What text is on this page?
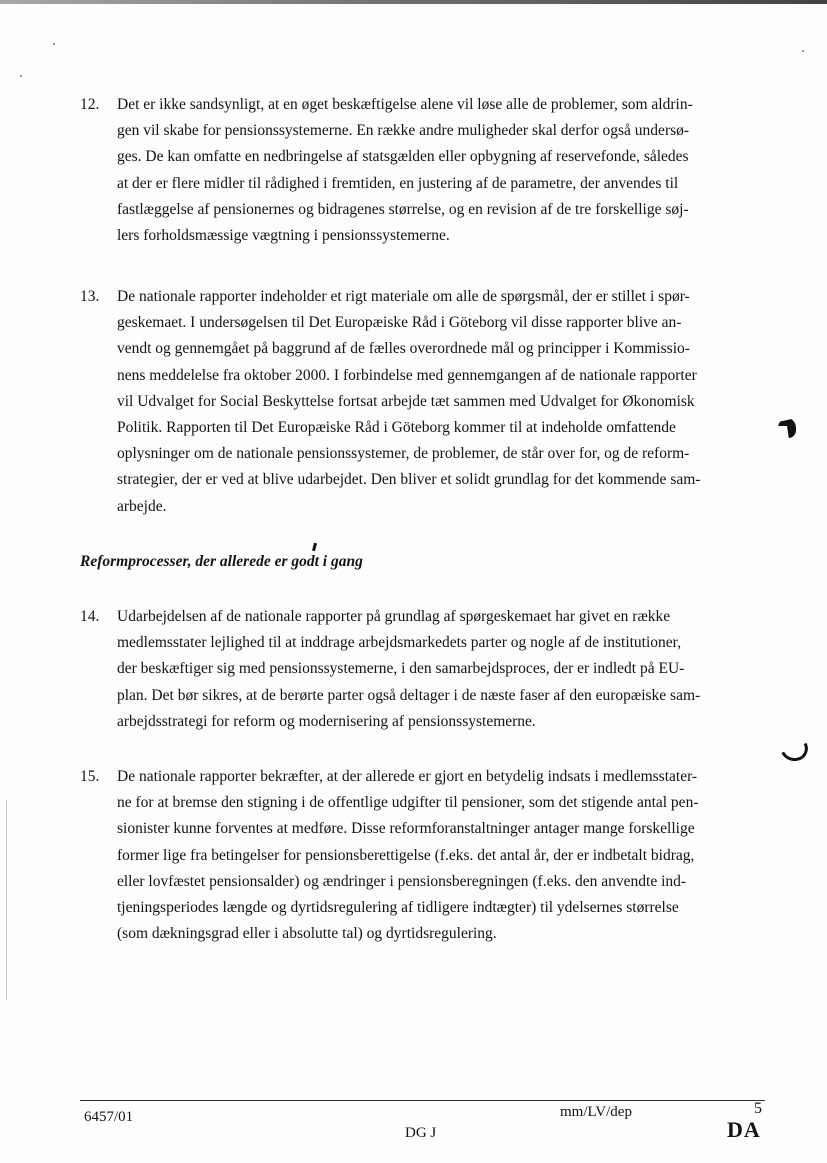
12. Det er ikke sandsynligt, at en øget beskæftigelse alene vil løse alle de problemer, som aldrin-
gen vil skabe for pensionssystemerne. En række andre muligheder skal derfor også undersø-
ges. De kan omfatte en nedbringelse af statsgælden eller opbygning af reservefonde, således
at der er flere midler til rådighed i fremtiden, en justering af de parametre, der anvendes til
fastlæggelse af pensionernes og bidragenes størrelse, og en revision af de tre forskellige søj-
lers forholdsmæssige vægtning i pensionssystemerne.
13. De nationale rapporter indeholder et rigt materiale om alle de spørgsmål, der er stillet i spør-
geskemaet. I undersøgelsen til Det Europæiske Råd i Göteborg vil disse rapporter blive an-
vendt og gennemgået på baggrund af de fælles overordnede mål og principper i Kommissio-
nens meddelelse fra oktober 2000. I forbindelse med gennemgangen af de nationale rapporter
vil Udvalget for Social Beskyttelse fortsat arbejde tæt sammen med Udvalget for Økonomisk
Politik. Rapporten til Det Europæiske Råd i Göteborg kommer til at indeholde omfattende
oplysninger om de nationale pensionssystemer, de problemer, de står over for, og de reform-
strategier, der er ved at blive udarbejdet. Den bliver et solidt grundlag for det kommende sam-
arbejde.
Reformprocesser, der allerede er godt i gang
14. Udarbejdelsen af de nationale rapporter på grundlag af spørgeskemaet har givet en række
medlemsstater lejlighed til at inddrage arbejdsmarkedets parter og nogle af de institutioner,
der beskæftiger sig med pensionssystemerne, i den samarbejdsproces, der er indledt på EU-
plan. Det bør sikres, at de berørte parter også deltager i de næste faser af den europæiske sam-
arbejdsstrategi for reform og modernisering af pensionssystemerne.
15. De nationale rapporter bekræfter, at der allerede er gjort en betydelig indsats i medlemsstater-
ne for at bremse den stigning i de offentlige udgifter til pensioner, som det stigende antal pen-
sionister kunne forventes at medføre. Disse reformforanstaltninger antager mange forskellige
former lige fra betingelser for pensionsberettigelse (f.eks. det antal år, der er indbetalt bidrag,
eller lovfæstet pensionsalder) og ændringer i pensionsberegningen (f.eks. den anvendte ind-
tjeningsperiodes længde og dyrtidsregulering af tidligere indtægter) til ydelsernes størrelse
(som dækningsgrad eller i absolutte tal) og dyrtidsregulering.
6457/01	mm/LV/dep
DG J
5
DA
